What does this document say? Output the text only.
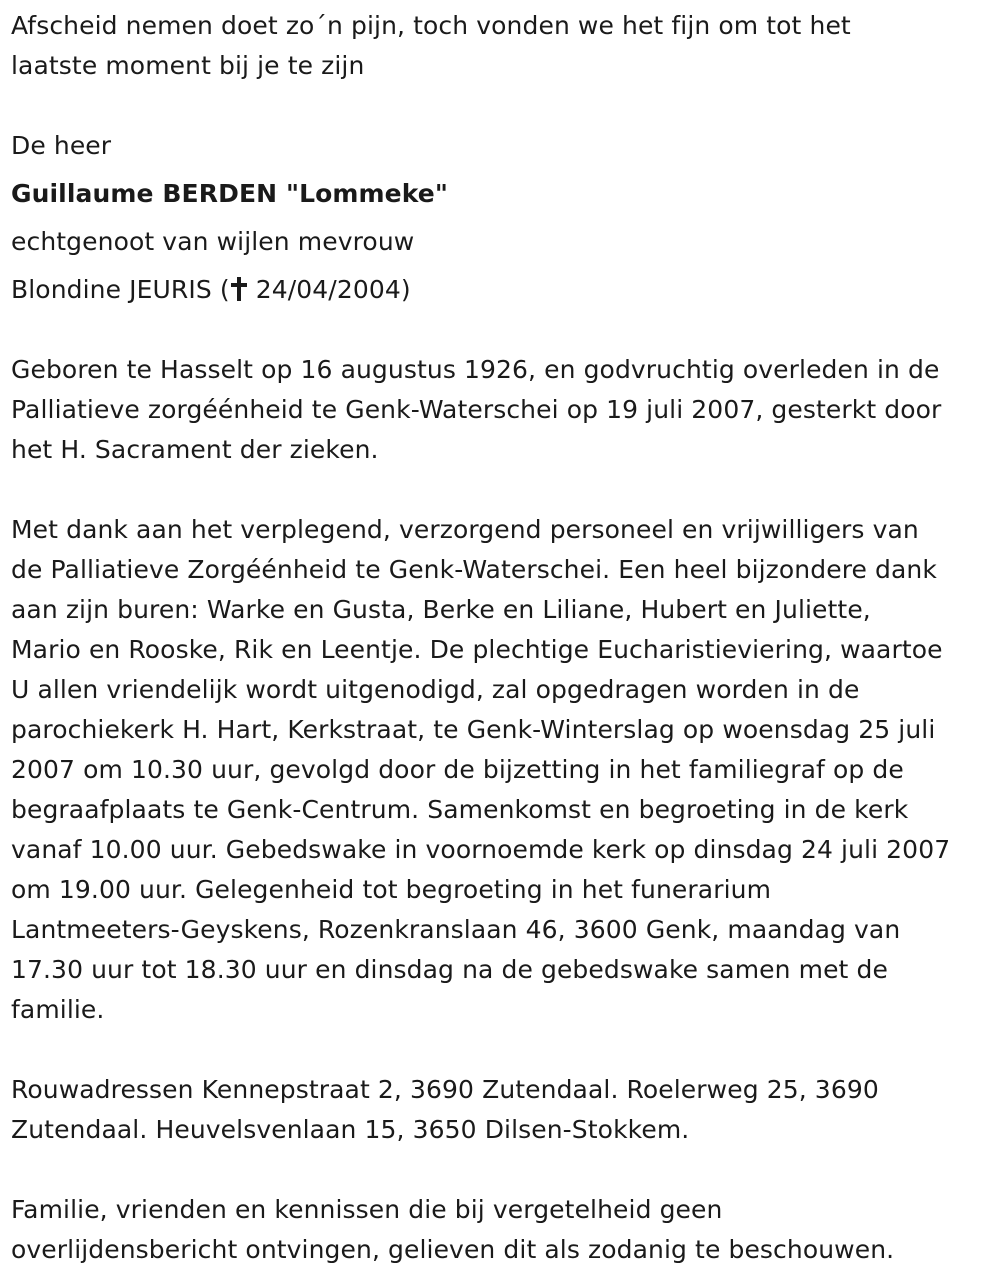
Afscheid nemen doet zo´n pijn, toch vonden we het fijn om tot het
laatste moment bij je te zijn
De heer
Guillaume BERDEN "Lommeke"
echtgenoot van wijlen mevrouw
Blondine JEURIS ( 24/04/2004)
Geboren te Hasselt op 16 augustus 1926, en godvruchtig overleden in de
Palliatieve zorgéénheid te Genk-Waterschei op 19 juli 2007, gesterkt door
het H. Sacrament der zieken.
Met dank aan het verplegend, verzorgend personeel en vrijwilligers van
de Palliatieve Zorgéénheid te Genk-Waterschei. Een heel bijzondere dank
aan zijn buren: Warke en Gusta, Berke en Liliane, Hubert en Juliette,
Mario en Rooske, Rik en Leentje. De plechtige Eucharistieviering, waartoe
U allen vriendelijk wordt uitgenodigd, zal opgedragen worden in de
parochiekerk H. Hart, Kerkstraat, te Genk-Winterslag op woensdag 25 juli
2007 om 10.30 uur, gevolgd door de bijzetting in het familiegraf op de
begraafplaats te Genk-Centrum. Samenkomst en begroeting in de kerk
vanaf 10.00 uur. Gebedswake in voornoemde kerk op dinsdag 24 juli 2007
om 19.00 uur. Gelegenheid tot begroeting in het funerarium
Lantmeeters-Geyskens, Rozenkranslaan 46, 3600 Genk, maandag van
17.30 uur tot 18.30 uur en dinsdag na de gebedswake samen met de
familie.
Rouwadressen Kennepstraat 2, 3690 Zutendaal. Roelerweg 25, 3690
Zutendaal. Heuvelsvenlaan 15, 3650 Dilsen-Stokkem.
Familie, vrienden en kennissen die bij vergetelheid geen
overlijdensbericht ontvingen, gelieven dit als zodanig te beschouwen.
